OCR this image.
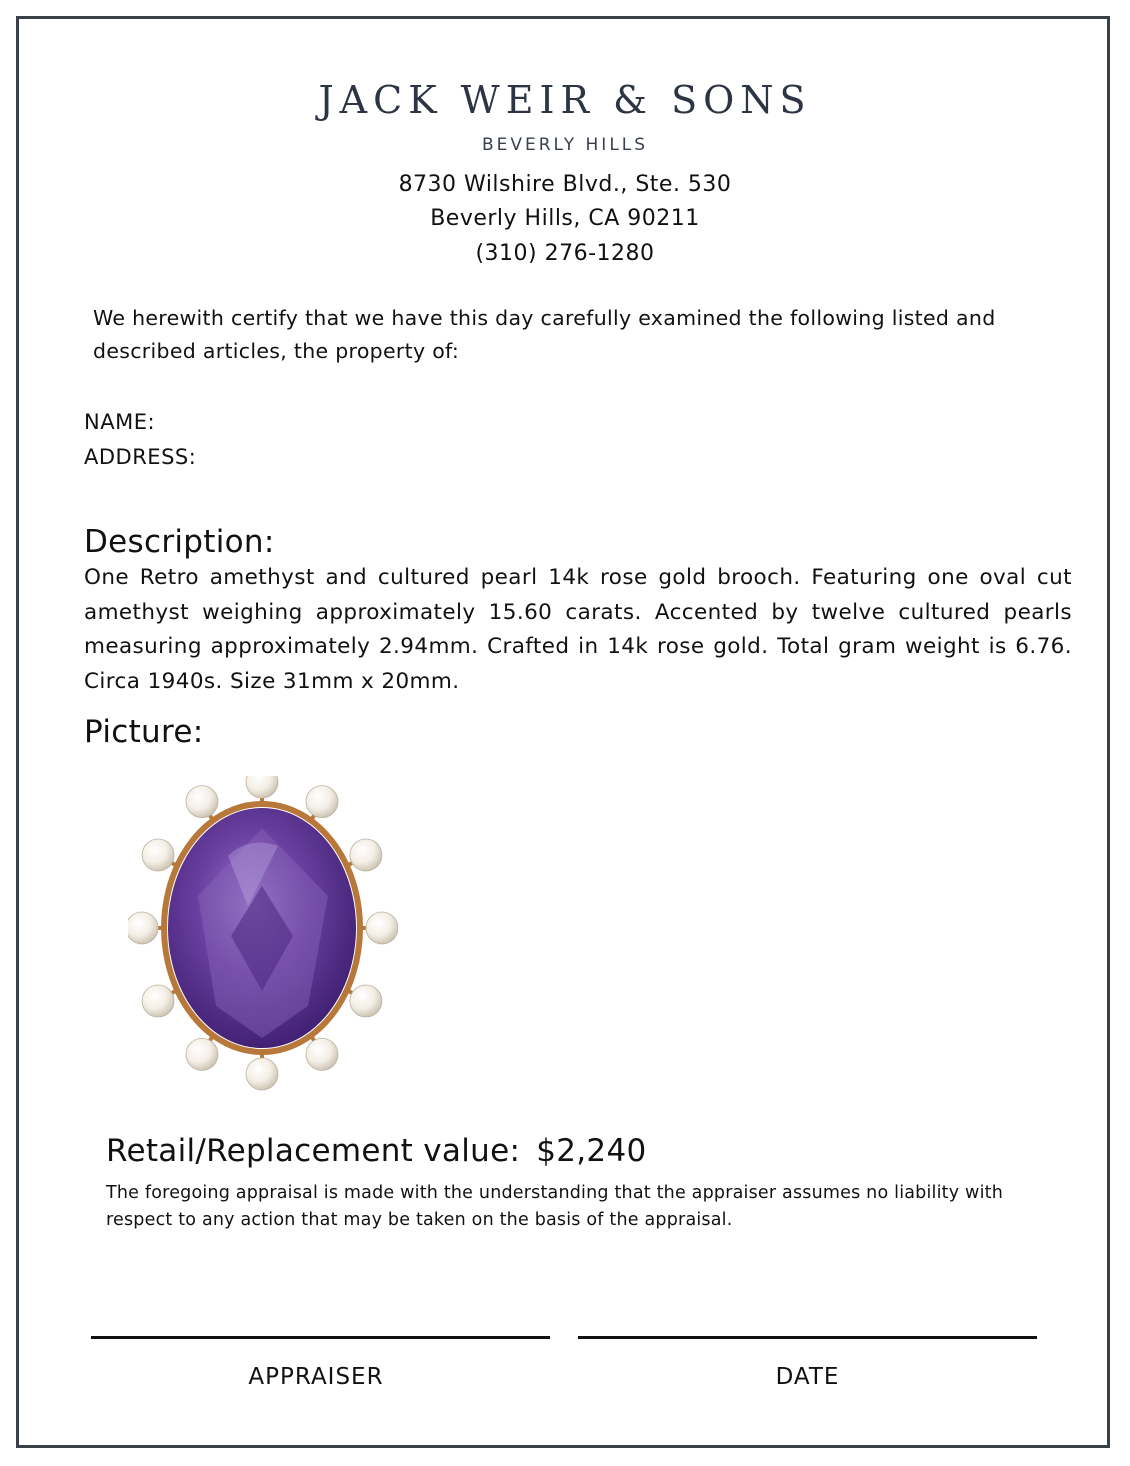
JACK WEIR & SONS
BEVERLY HILLS
8730 Wilshire Blvd., Ste. 530
Beverly Hills, CA 90211
(310) 276-1280
We herewith certify that we have this day carefully examined the following listed and described articles, the property of:
NAME:
ADDRESS:
Description:
One Retro amethyst and cultured pearl 14k rose gold brooch. Featuring one oval cut amethyst weighing approximately 15.60 carats. Accented by twelve cultured pearls measuring approximately 2.94mm. Crafted in 14k rose gold. Total gram weight is 6.76. Circa 1940s. Size 31mm x 20mm.
Picture:
Retail/Replacement value: $2,240
The foregoing appraisal is made with the understanding that the appraiser assumes no liability with respect to any action that may be taken on the basis of the appraisal.
APPRAISER	DATE
